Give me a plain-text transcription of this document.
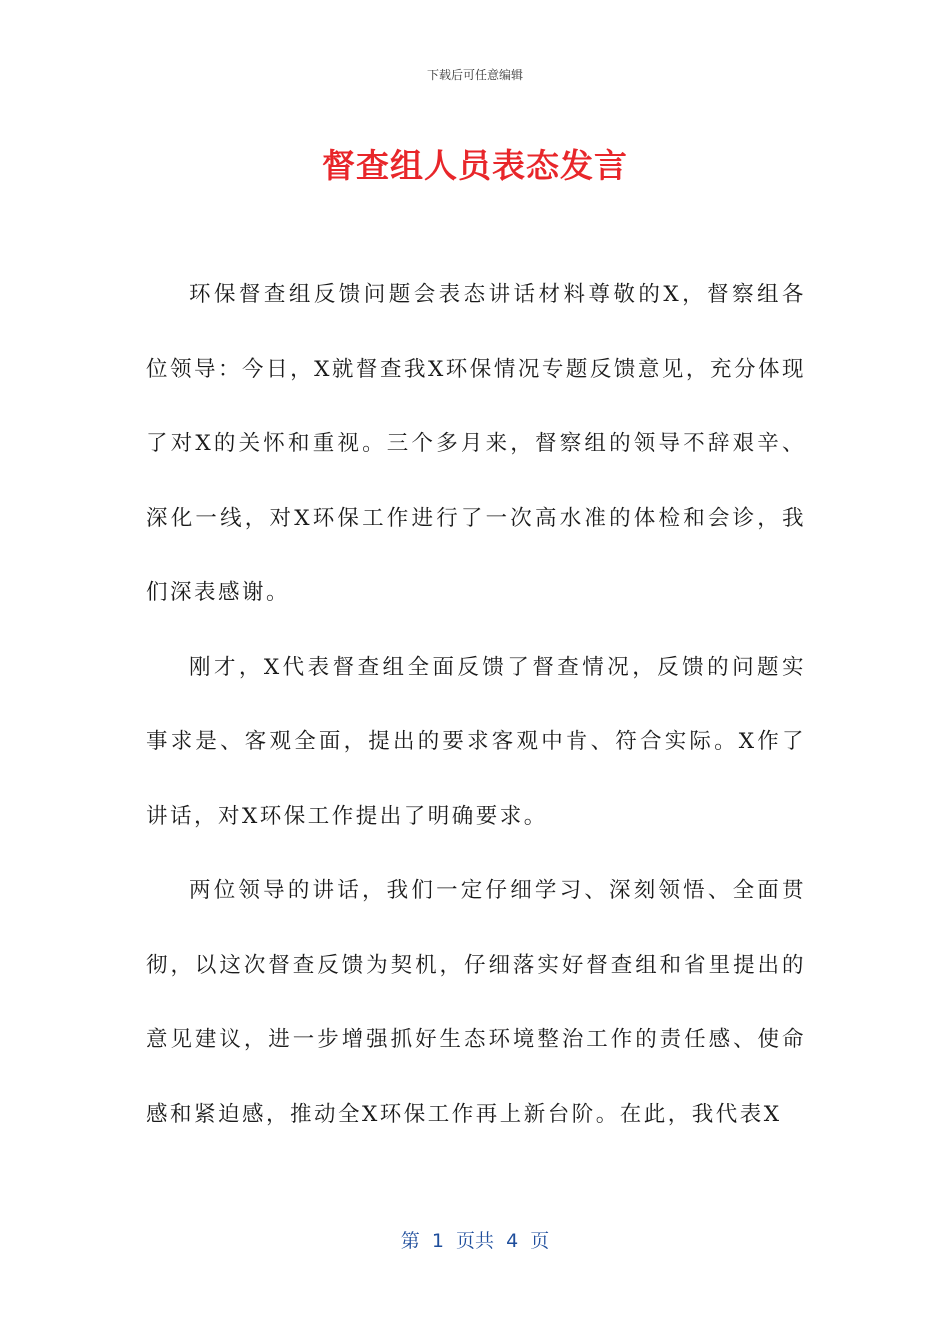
下载后可任意编辑
督查组人员表态发言

环保督查组反馈问题会表态讲话材料尊敬的X，督察组各位领导：今日，X就督查我X环保情况专题反馈意见，充分体现了对X的关怀和重视。三个多月来，督察组的领导不辞艰辛、深化一线，对X环保工作进行了一次高水准的体检和会诊，我们深表感谢。

刚才，X代表督查组全面反馈了督查情况，反馈的问题实事求是、客观全面，提出的要求客观中肯、符合实际。X作了讲话，对X环保工作提出了明确要求。

两位领导的讲话，我们一定仔细学习、深刻领悟、全面贯彻，以这次督查反馈为契机，仔细落实好督查组和省里提出的意见建议，进一步增强抓好生态环境整治工作的责任感、使命感和紧迫感，推动全X环保工作再上新台阶。在此，我代表X

第  1  页共  4  页
